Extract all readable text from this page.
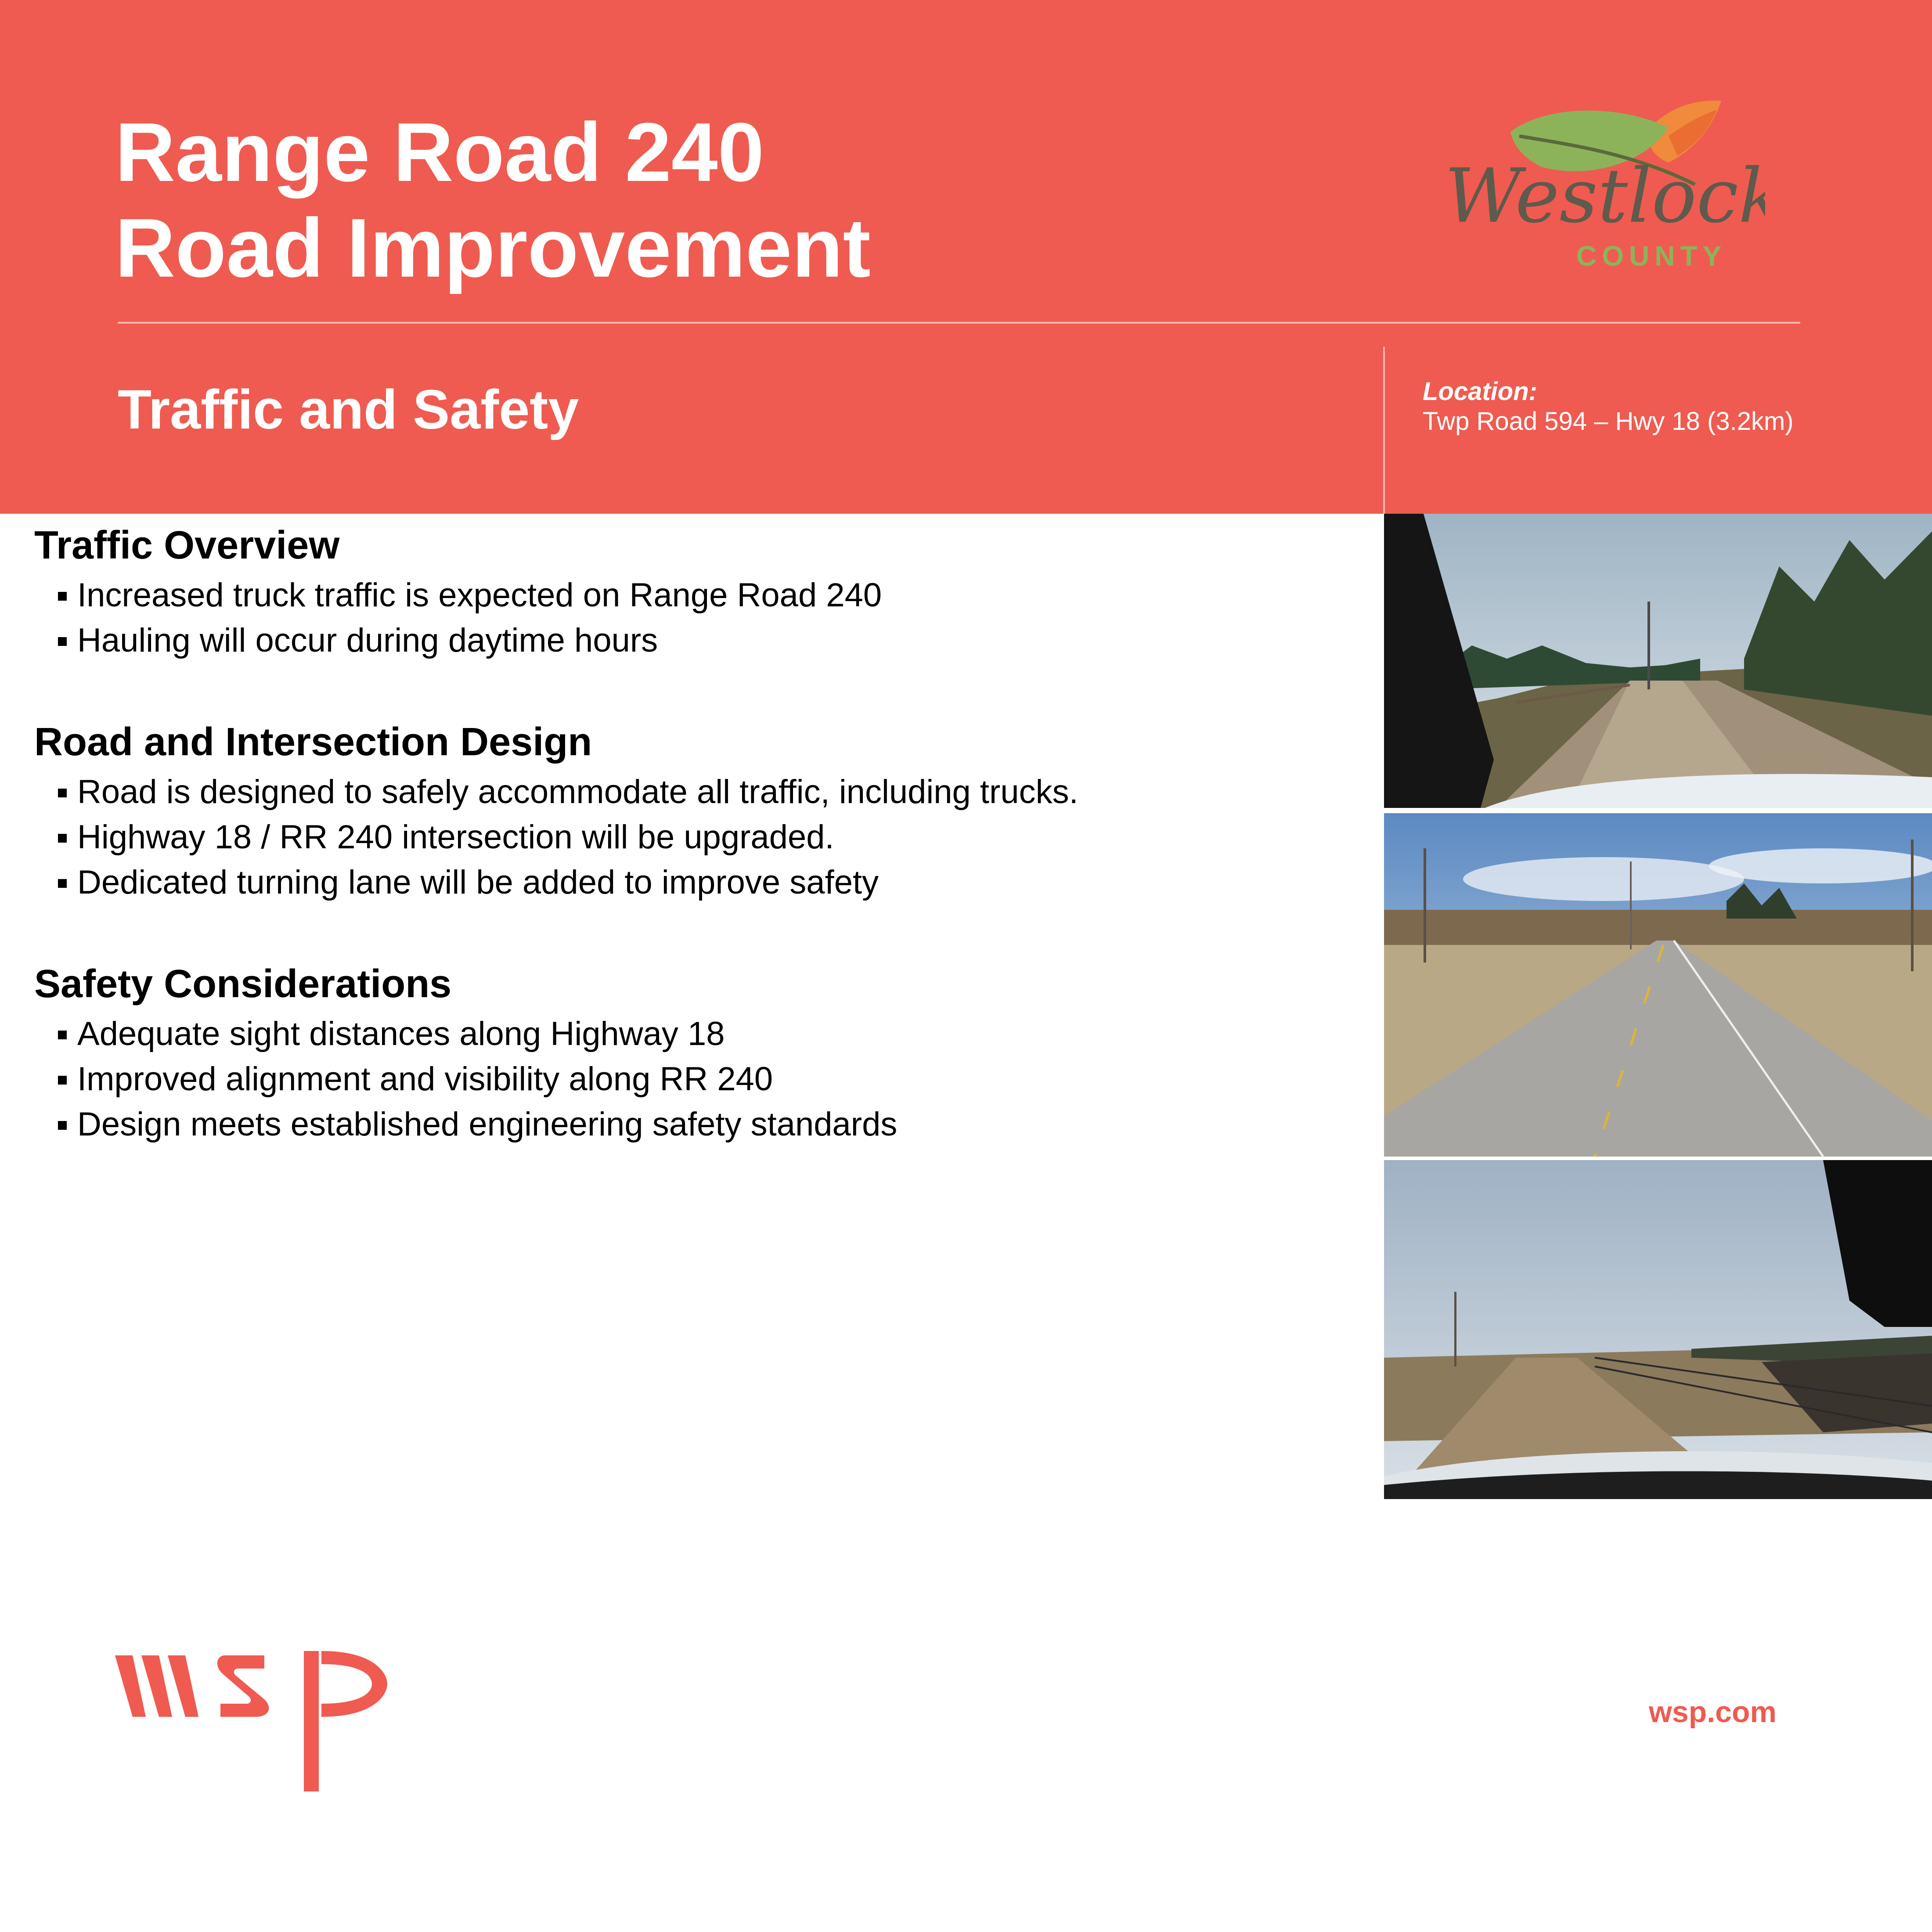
Range Road 240
Road Improvement
Westlock
COUNTY
Traffic and Safety	Location:
Twp Road 594 – Hwy 18 (3.2km)
Traffic Overview
Increased truck traffic is expected on Range Road 240
Hauling will occur during daytime hours
Road and Intersection Design
Road is designed to safely accommodate all traffic, including trucks.
Highway 18 / RR 240 intersection will be upgraded.
Dedicated turning lane will be added to improve safety
Safety Considerations
Adequate sight distances along Highway 18
Improved alignment and visibility along RR 240
Design meets established engineering safety standards
wsp.com
